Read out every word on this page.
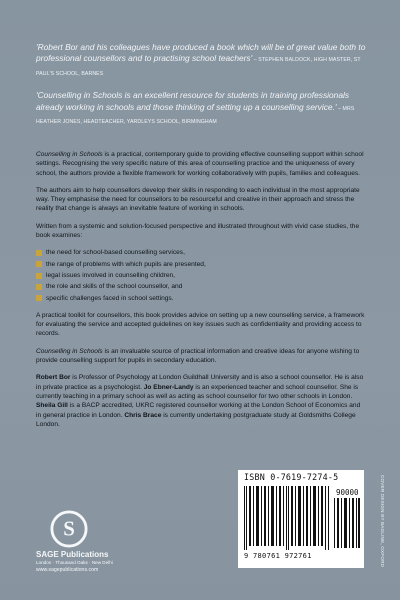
'Robert Bor and his colleagues have produced a book which will be of great value both to professional counsellors and to practising school teachers' – STEPHEN BALDOCK, HIGH MASTER, ST PAUL'S SCHOOL, BARNES

'Counselling in Schools is an excellent resource for students in training professionals already working in schools and those thinking of setting up a counselling service.' – MRS HEATHER JONES, HEADTEACHER, YARDLEYS SCHOOL, BIRMINGHAM

Counselling in Schools is a practical, contemporary guide to providing effective counselling support within school settings. Recognising the very specific nature of this area of counselling practice and the uniqueness of every school, the authors provide a flexible framework for working collaboratively with pupils, families and colleagues.

The authors aim to help counsellors develop their skills in responding to each individual in the most appropriate way. They emphasise the need for counsellors to be resourceful and creative in their approach and stress the reality that change is always an inevitable feature of working in schools.

Written from a systemic and solution-focused perspective and illustrated throughout with vivid case studies, the book examines:

the need for school-based counselling services,
the range of problems with which pupils are presented,
legal issues involved in counselling children,
the role and skills of the school counsellor, and
specific challenges faced in school settings.

A practical toolkit for counsellors, this book provides advice on setting up a new counselling service, a framework for evaluating the service and accepted guidelines on key issues such as confidentiality and providing access to records.

Counselling in Schools is an invaluable source of practical information and creative ideas for anyone wishing to provide counselling support for pupils in secondary education.

Robert Bor is Professor of Psychology at London Guildhall University and is also a school counsellor. He is also in private practice as a psychologist. Jo Ebner-Landy is an experienced teacher and school counsellor. She is currently teaching in a primary school as well as acting as school counsellor for two other schools in London. Sheila Gill is a BACP accredited, UKRC registered counsellor working at the London School of Economics and in general practice in London. Chris Brace is currently undertaking postgraduate study at Goldsmiths College London.

S
SAGE Publications
London · Thousand Oaks · New Delhi
www.sagepublications.com
ISBN 0-7619-7274-5
90000
9 780761 972761	COVER DESIGN BY BAGLINE, OXFORD
